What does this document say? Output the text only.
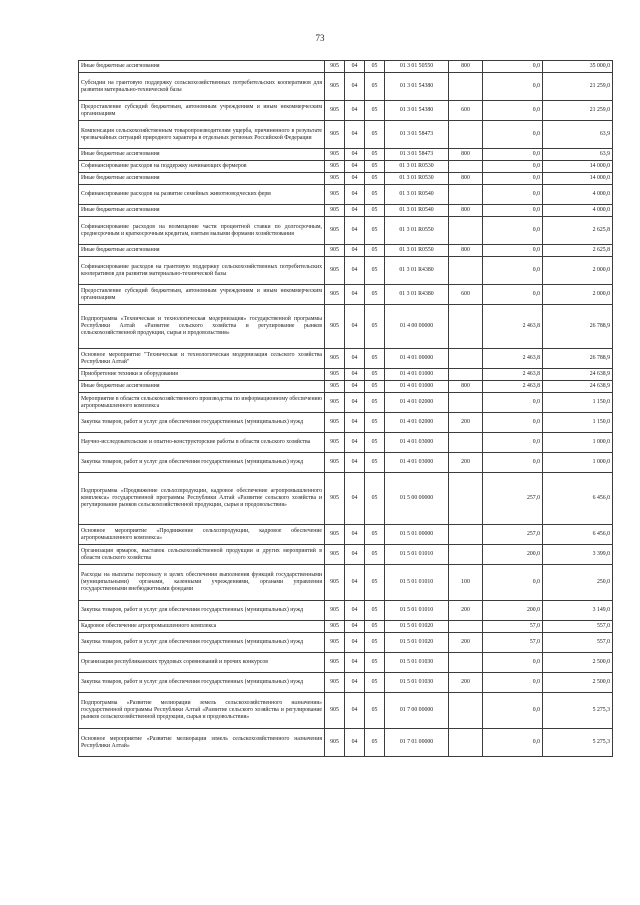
73
Иные бюджетные ассигнования	905	04	05	01 3 01 50550	800	0,0	35 000,0
Субсидии на грантовую поддержку сельскохозяйственных потребительских кооперативов для развития материально-технической базы	905	04	05	01 3 01 54380		0,0	21 259,0
Предоставление субсидий бюджетным, автономным учреждениям и иным некоммерческим организациям	905	04	05	01 3 01 54380	600	0,0	21 259,0
Компенсация сельскохозяйственным товаропроизводителям ущерба, причиненного в результате чрезвычайных ситуаций природного характера в отдельных регионах Российской Федерации	905	04	05	01 3 01 58473		0,0	63,9
Иные бюджетные ассигнования	905	04	05	01 3 01 58473	800	0,0	63,9
Софинансирование расходов на поддержку начинающих фермеров	905	04	05	01 3 01 R0530		0,0	14 000,0
Иные бюджетные ассигнования	905	04	05	01 3 01 R0530	800	0,0	14 000,0
Софинансирование расходов на развитие семейных животноводческих ферм	905	04	05	01 3 01 R0540		0,0	4 000,0
Иные бюджетные ассигнования	905	04	05	01 3 01 R0540	800	0,0	4 000,0
Софинансирование расходов на возмещение части процентной ставки по долгосрочным, среднесрочным и краткосрочным кредитам, взятым малыми формами хозяйствования	905	04	05	01 3 01 R0550		0,0	2 625,8
Иные бюджетные ассигнования	905	04	05	01 3 01 R0550	800	0,0	2 625,8
Софинансирование расходов на грантовую поддержку сельскохозяйственных потребительских кооперативов для развития материально-технической базы	905	04	05	01 3 01 R4380		0,0	2 000,0
Предоставление субсидий бюджетным, автономным учреждениям и иным некоммерческим организациям	905	04	05	01 3 01 R4380	600	0,0	2 000,0
Подпрограмма «Техническая и технологическая модернизация» государственной программы Республики Алтай «Развитие сельского хозяйства и регулирование рынков сельскохозяйственной продукции, сырья и продовольствия»	905	04	05	01 4 00 00000		2 463,8	26 788,9
Основное мероприятие "Техническая и технологическая модернизация сельского хозяйства Республики Алтай"	905	04	05	01 4 01 00000		2 463,8	26 788,9
Приобретение техники и оборудования	905	04	05	01 4 01 01000		2 463,8	24 638,9
Иные бюджетные ассигнования	905	04	05	01 4 01 01000	800	2 463,8	24 638,9
Мероприятие в области сельскохозяйственного производства по информационному обеспечению агропромышленного комплекса	905	04	05	01 4 01 02000		0,0	1 150,0
Закупка товаров, работ и услуг для обеспечения государственных (муниципальных) нужд	905	04	05	01 4 01 02000	200	0,0	1 150,0
Научно-исследовательские и опытно-конструкторские работы в области сельского хозяйства	905	04	05	01 4 01 03000		0,0	1 000,0
Закупка товаров, работ и услуг для обеспечения государственных (муниципальных) нужд	905	04	05	01 4 01 03000	200	0,0	1 000,0
Подпрограмма «Продвижение сельхозпродукции, кадровое обеспечение агропромышленного комплекса» государственной программы Республики Алтай «Развитие сельского хозяйства и регулирование рынков сельскохозяйственной продукции, сырья и продовольствия»	905	04	05	01 5 00 00000		257,0	6 456,0
Основное мероприятие «Продвижение сельхозпродукции, кадровое обеспечение агропромышленного комплекса»	905	04	05	01 5 01 00000		257,0	6 456,0
Организация ярмарок, выставок сельскохозяйственной продукции и других мероприятий в области сельского хозяйства	905	04	05	01 5 01 01010		200,0	3 399,0
Расходы на выплаты персоналу в целях обеспечения выполнения функций государственными (муниципальными) органами, казенными учреждениями, органами управления государственными внебюджетными фондами	905	04	05	01 5 01 01010	100	0,0	250,0
Закупка товаров, работ и услуг для обеспечения государственных (муниципальных) нужд	905	04	05	01 5 01 01010	200	200,0	3 149,0
Кадровое обеспечение агропромышленного комплекса	905	04	05	01 5 01 01020		57,0	557,0
Закупка товаров, работ и услуг для обеспечения государственных (муниципальных) нужд	905	04	05	01 5 01 01020	200	57,0	557,0
Организация республиканских трудовых соревнований и прочих конкурсов	905	04	05	01 5 01 01030		0,0	2 500,0
Закупка товаров, работ и услуг для обеспечения государственных (муниципальных) нужд	905	04	05	01 5 01 01030	200	0,0	2 500,0
Подпрограмма «Развитие мелиорации земель сельскохозяйственного назначения» государственной программы Республики Алтай «Развитие сельского хозяйства и регулирование рынков сельскохозяйственной продукции, сырья и продовольствия»	905	04	05	01 7 00 00000		0,0	5 275,3
Основное мероприятие «Развитие мелиорации земель сельскохозяйственного назначения Республики Алтай»	905	04	05	01 7 01 00000		0,0	5 275,3
